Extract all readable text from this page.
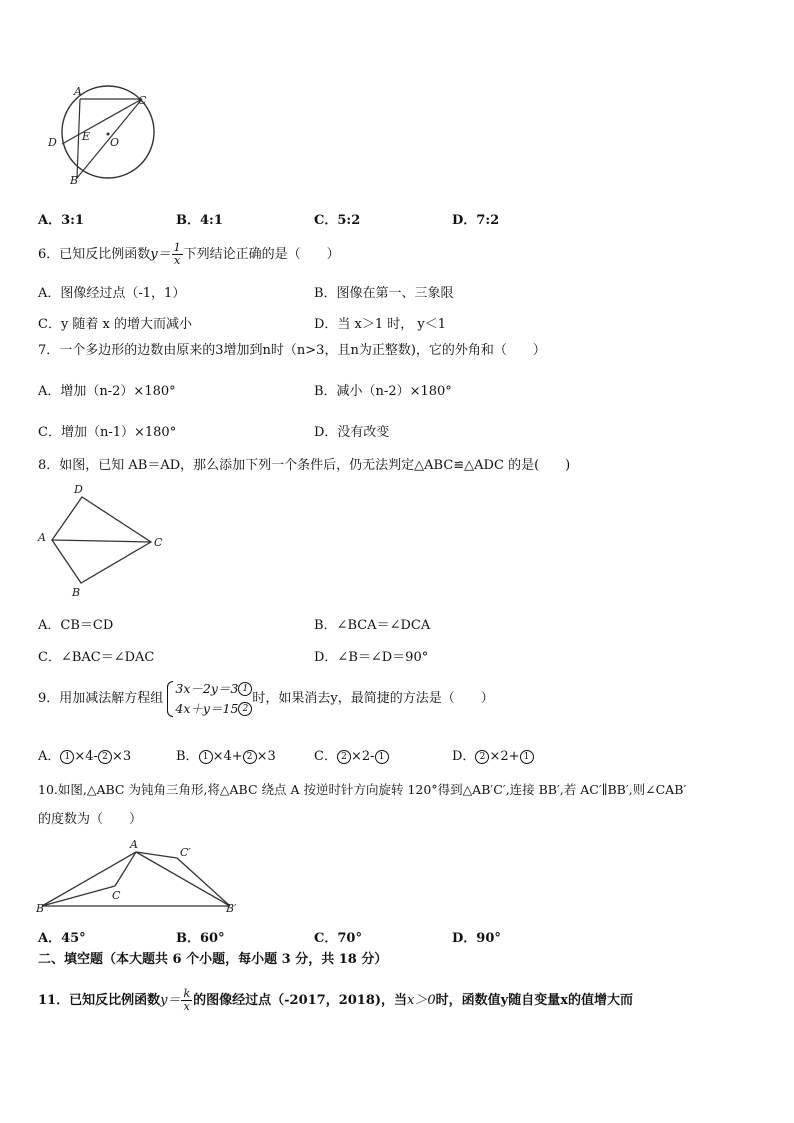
A
C
D E O
B
A．3:1	B．4:1	C．5:2	D．7:2
6．已知反比例函数$y= \frac{1}{x}$ 下列结论正确的是（　　）
A．图像经过点（-1，1）	B．图像在第一、三象限
C．y 随着 x 的增大而减小	D．当 x＞1 时， y＜1
7．一个多边形的边数由原来的3增加到n时（n>3，且n为正整数)，它的外角和（　　）
A．增加（n-2）×180°	B．减小（n-2）×180°
C．增加（n-1）×180°	D．没有改变
8．如图，已知 AB＝AD，那么添加下列一个条件后，仍无法判定△ABC≌△ADC 的是(　　)
D
A	C
B
A．CB＝CD	B．∠BCA＝∠DCA
C．∠BAC＝∠DAC	D．∠B＝∠D＝90°
9．用加减法解方程组
3x－2y＝3 1
4x＋y＝15 2
时，如果消去y，最简捷的方法是（　　）
A． 1 ×4- 2 ×3	B． 1 ×4+ 2 ×3	C． 2 ×2- 1	D． 2 ×2+ 1
10.如图,△ABC 为钝角三角形,将△ABC 绕点 A 按逆时针方向旋转 120°得到△AB′C′,连接 BB′,若 AC′∥BB′,则∠CAB′
的度数为（　　）
A
C′
C
B	B′
A．45°	B．60°	C．70°	D．90°
二、填空题（本大题共 6 个小题，每小题 3 分，共 18 分）
11．已知反比例函数$y= \frac{k}{x}$ 的图像经过点（-2017，2018)，当x＞0时，函数值y随自变量x的值增大而
